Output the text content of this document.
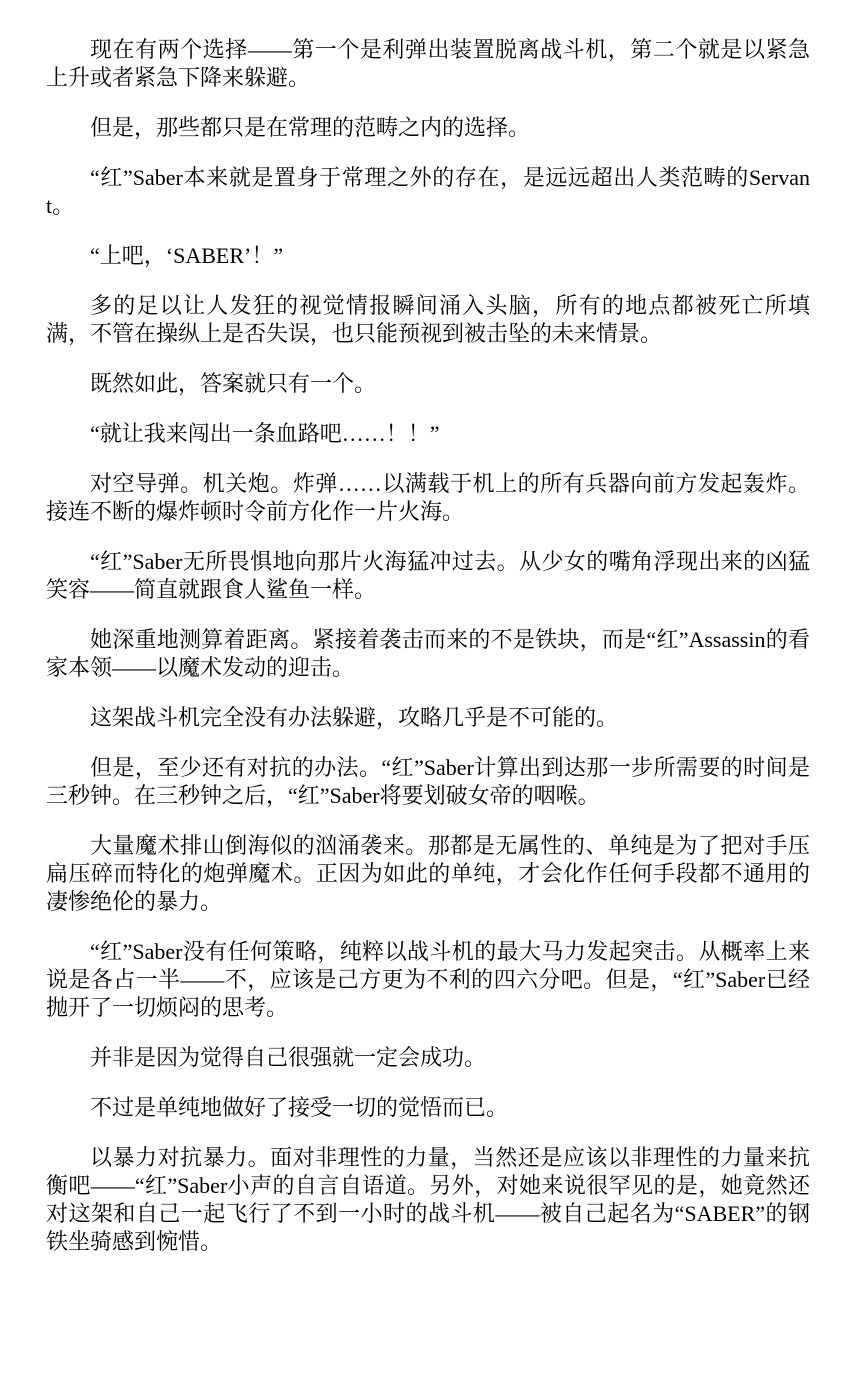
现在有两个选择——第一个是利弹出装置脱离战斗机，第二个就是以紧急上升或者紧急下降来躲避。

但是，那些都只是在常理的范畴之内的选择。

“红”Saber本来就是置身于常理之外的存在，是远远超出人类范畴的Servant。

“上吧，‘SABER’！”

多的足以让人发狂的视觉情报瞬间涌入头脑，所有的地点都被死亡所填满，不管在操纵上是否失误，也只能预视到被击坠的未来情景。

既然如此，答案就只有一个。

“就让我来闯出一条血路吧……！！”

对空导弹。机关炮。炸弹……以满载于机上的所有兵器向前方发起轰炸。接连不断的爆炸顿时令前方化作一片火海。

“红”Saber无所畏惧地向那片火海猛冲过去。从少女的嘴角浮现出来的凶猛笑容——简直就跟食人鲨鱼一样。

她深重地测算着距离。紧接着袭击而来的不是铁块，而是“红”Assassin的看家本领——以魔术发动的迎击。

这架战斗机完全没有办法躲避，攻略几乎是不可能的。

但是，至少还有对抗的办法。“红”Saber计算出到达那一步所需要的时间是三秒钟。在三秒钟之后，“红”Saber将要划破女帝的咽喉。

大量魔术排山倒海似的汹涌袭来。那都是无属性的、单纯是为了把对手压扁压碎而特化的炮弹魔术。正因为如此的单纯，才会化作任何手段都不通用的凄惨绝伦的暴力。

“红”Saber没有任何策略，纯粹以战斗机的最大马力发起突击。从概率上来说是各占一半——不，应该是己方更为不利的四六分吧。但是，“红”Saber已经抛开了一切烦闷的思考。

并非是因为觉得自己很强就一定会成功。

不过是单纯地做好了接受一切的觉悟而已。

以暴力对抗暴力。面对非理性的力量，当然还是应该以非理性的力量来抗衡吧——“红”Saber小声的自言自语道。另外，对她来说很罕见的是，她竟然还对这架和自己一起飞行了不到一小时的战斗机——被自己起名为“SABER”的钢铁坐骑感到惋惜。
